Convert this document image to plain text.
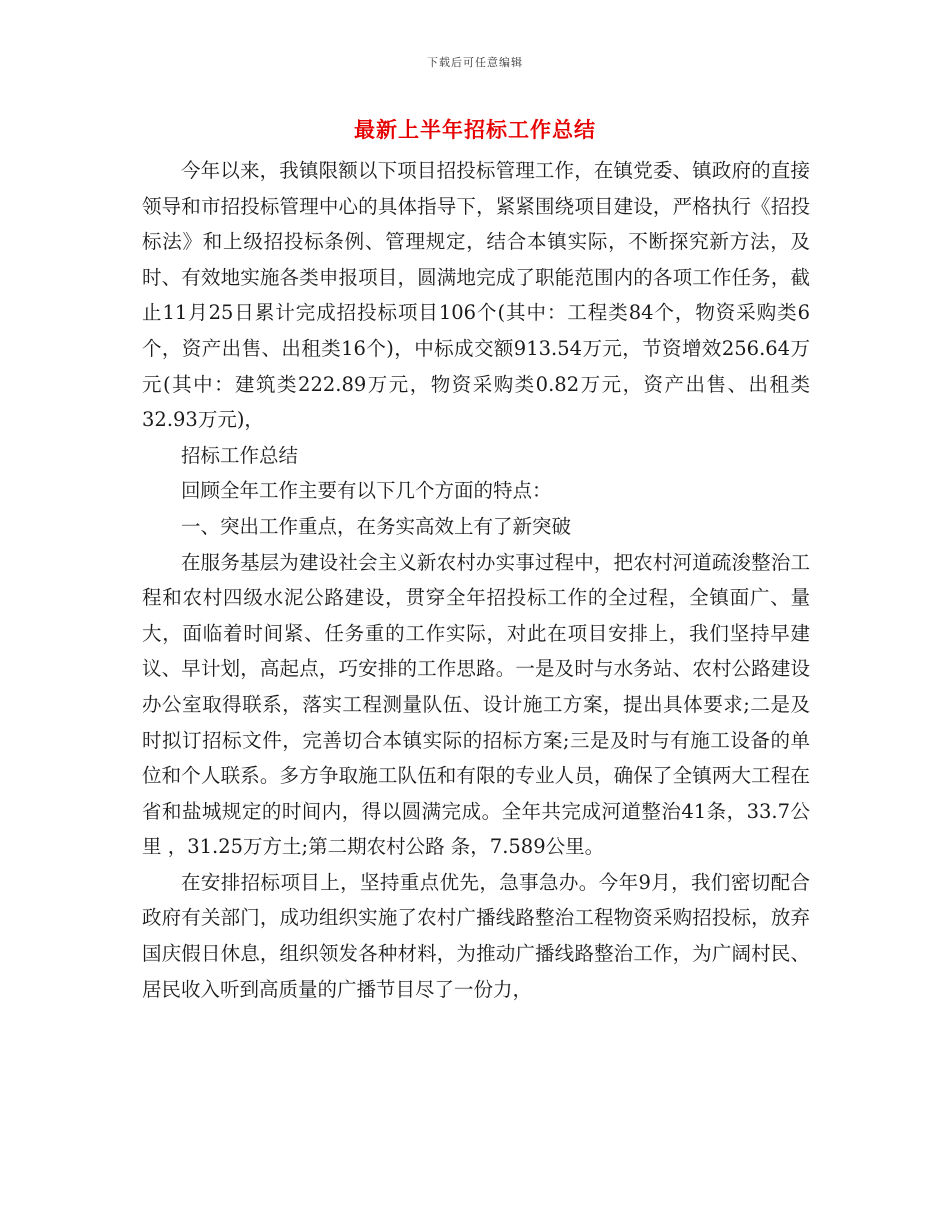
下载后可任意编辑
最新上半年招标工作总结

今年以来，我镇限额以下项目招投标管理工作，在镇党委、镇政府的直接领导和市招投标管理中心的具体指导下，紧紧围绕项目建设，严格执行《招投标法》和上级招投标条例、管理规定，结合本镇实际，不断探究新方法，及时、有效地实施各类申报项目，圆满地完成了职能范围内的各项工作任务，截止11月25日累计完成招投标项目106个(其中：工程类84个，物资采购类6个，资产出售、出租类16个)，中标成交额913.54万元，节资增效256.64万元(其中：建筑类222.89万元，物资采购类0.82万元，资产出售、出租类32.93万元)，

招标工作总结

回顾全年工作主要有以下几个方面的特点：

一、突出工作重点，在务实高效上有了新突破

在服务基层为建设社会主义新农村办实事过程中，把农村河道疏浚整治工程和农村四级水泥公路建设，贯穿全年招投标工作的全过程，全镇面广、量大，面临着时间紧、任务重的工作实际，对此在项目安排上，我们坚持早建议、早计划，高起点，巧安排的工作思路。一是及时与水务站、农村公路建设办公室取得联系，落实工程测量队伍、设计施工方案，提出具体要求;二是及时拟订招标文件，完善切合本镇实际的招标方案;三是及时与有施工设备的单位和个人联系。多方争取施工队伍和有限的专业人员，确保了全镇两大工程在省和盐城规定的时间内，得以圆满完成。全年共完成河道整治41条，33.7公里 ，31.25万方土;第二期农村公路 条，7.589公里。

在安排招标项目上，坚持重点优先，急事急办。今年9月，我们密切配合政府有关部门，成功组织实施了农村广播线路整治工程物资采购招投标，放弃国庆假日休息，组织领发各种材料，为推动广播线路整治工作，为广阔村民、居民收入听到高质量的广播节目尽了一份力，
